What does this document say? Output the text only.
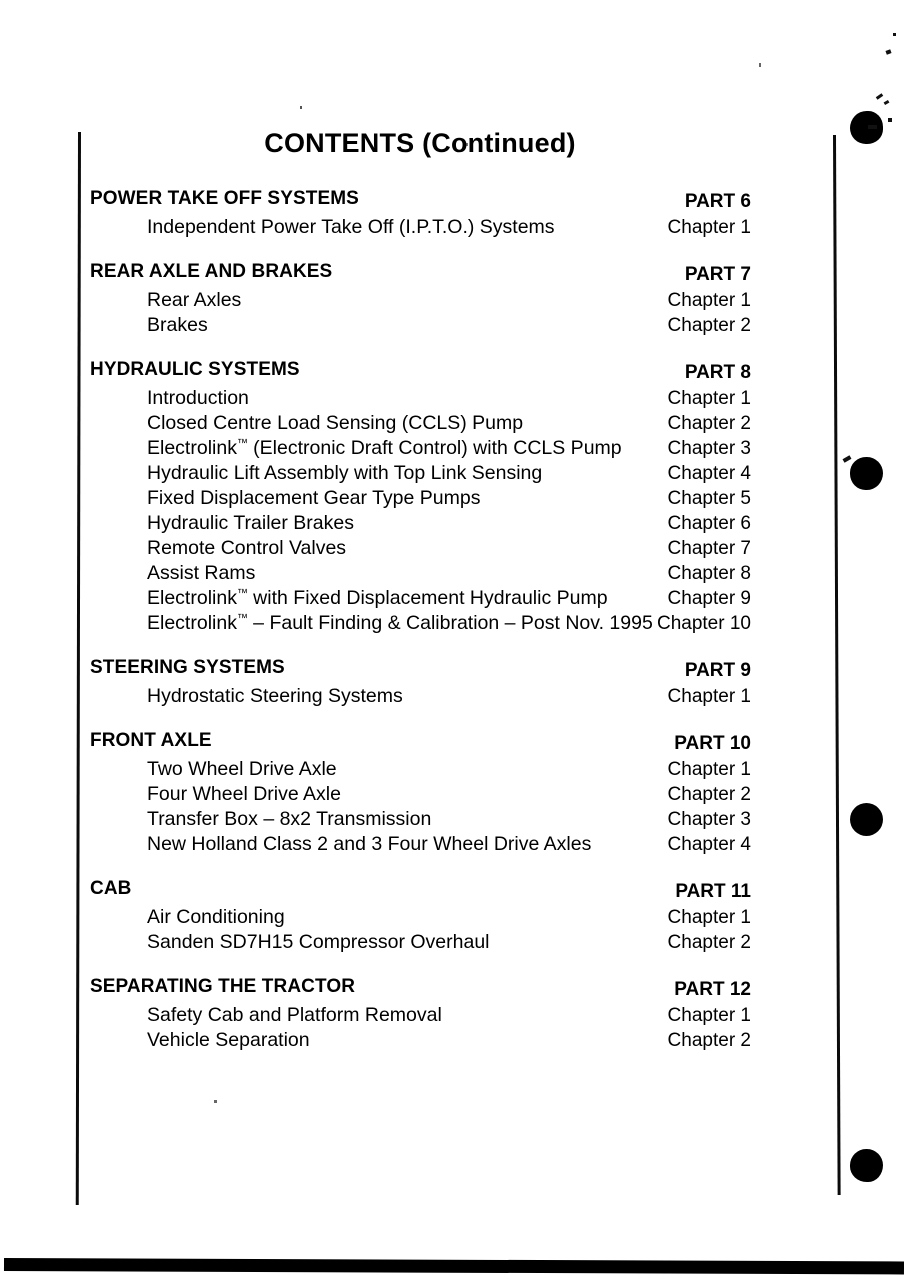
CONTENTS (Continued)
POWER TAKE OFF SYSTEMS	PART 6
Independent Power Take Off (I.P.T.O.) Systems	Chapter 1
REAR AXLE AND BRAKES	PART 7
Rear Axles	Chapter 1
Brakes	Chapter 2
HYDRAULIC SYSTEMS	PART 8
Introduction	Chapter 1
Closed Centre Load Sensing (CCLS) Pump	Chapter 2
Electrolink™ (Electronic Draft Control) with CCLS Pump Chapter 3
Hydraulic Lift Assembly with Top Link Sensing	Chapter 4
Fixed Displacement Gear Type Pumps	Chapter 5
Hydraulic Trailer Brakes	Chapter 6
Remote Control Valves	Chapter 7
Assist Rams	Chapter 8
Electrolink™ with Fixed Displacement Hydraulic Pump	Chapter 9
Electrolink™ – Fault Finding & Calibration – Post Nov. 1995 Chapter 10
STEERING SYSTEMS	PART 9
Hydrostatic Steering Systems	Chapter 1
FRONT AXLE	PART 10
Two Wheel Drive Axle	Chapter 1
Four Wheel Drive Axle	Chapter 2
Transfer Box – 8x2 Transmission	Chapter 3
New Holland Class 2 and 3 Four Wheel Drive Axles	Chapter 4
CAB	PART 11
Air Conditioning	Chapter 1
Sanden SD7H15 Compressor Overhaul	Chapter 2
SEPARATING THE TRACTOR	PART 12
Safety Cab and Platform Removal	Chapter 1
Vehicle Separation	Chapter 2
